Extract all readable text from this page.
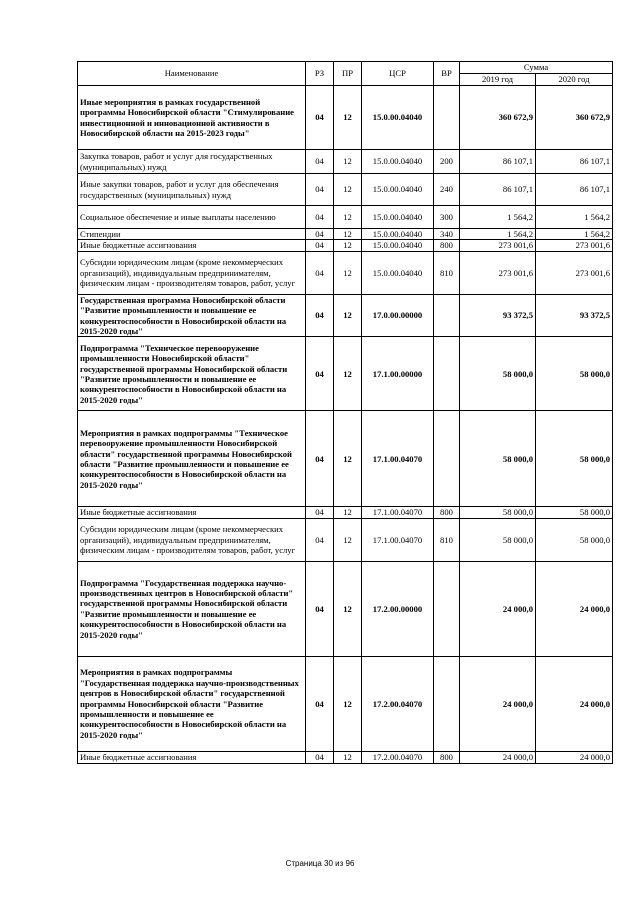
Наименование	РЗ	ПР	ЦСР	ВР	Сумма	
					2019 год	2020 год
Иные мероприятия в рамках государственной программы Новосибирской области "Стимулирование инвестиционной и инновационной активности в Новосибирской области на 2015-2023 годы"	04	12	15.0.00.04040		360 672,9	360 672,9
Закупка товаров, работ и услуг для государственных (муниципальных) нужд	04	12	15.0.00.04040	200	86 107,1	86 107,1
Иные закупки товаров, работ и услуг для обеспечения государственных (муниципальных) нужд	04	12	15.0.00.04040	240	86 107,1	86 107,1
Социальное обеспечение и иные выплаты населению	04	12	15.0.00.04040	300	1 564,2	1 564,2
Стипендии	04	12	15.0.00.04040	340	1 564,2	1 564,2
Иные бюджетные ассигнования	04	12	15.0.00.04040	800	273 001,6	273 001,6
Субсидии юридическим лицам (кроме некоммерческих организаций), индивидуальным предпринимателям, физическим лицам - производителям товаров, работ, услуг	04	12	15.0.00.04040	810	273 001,6	273 001,6
Государственная программа Новосибирской области "Развитие промышленности и повышение ее конкурентоспособности в Новосибирской области на 2015-2020 годы"	04	12	17.0.00.00000		93 372,5	93 372,5
Подпрограмма "Техническое перевооружение промышленности Новосибирской области" государственной программы Новосибирской области "Развитие промышленности и повышение ее конкурентоспособности в Новосибирской области на 2015-2020 годы"	04	12	17.1.00.00000		58 000,0	58 000,0
Мероприятия в рамках подпрограммы "Техническое перевооружение промышленности Новосибирской области" государственной программы Новосибирской области "Развитие промышленности и повышение ее конкурентоспособности в Новосибирской области на 2015-2020 годы"	04	12	17.1.00.04070		58 000,0	58 000,0
Иные бюджетные ассигнования	04	12	17.1.00.04070	800	58 000,0	58 000,0
Субсидии юридическим лицам (кроме некоммерческих организаций), индивидуальным предпринимателям, физическим лицам - производителям товаров, работ, услуг	04	12	17.1.00.04070	810	58 000,0	58 000,0
Подпрограмма "Государственная поддержка научно-производственных центров в Новосибирской области" государственной программы Новосибирской области "Развитие промышленности и повышение ее конкурентоспособности в Новосибирской области на 2015-2020 годы"	04	12	17.2.00.00000		24 000,0	24 000,0
Мероприятия в рамках подпрограммы "Государственная поддержка научно-производственных центров в Новосибирской области" государственной программы Новосибирской области "Развитие промышленности и повышение ее конкурентоспособности в Новосибирской области на 2015-2020 годы"	04	12	17.2.00.04070		24 000,0	24 000,0
Иные бюджетные ассигнования	04	12	17.2.00.04070	800	24 000,0	24 000,0
Страница 30 из 96
